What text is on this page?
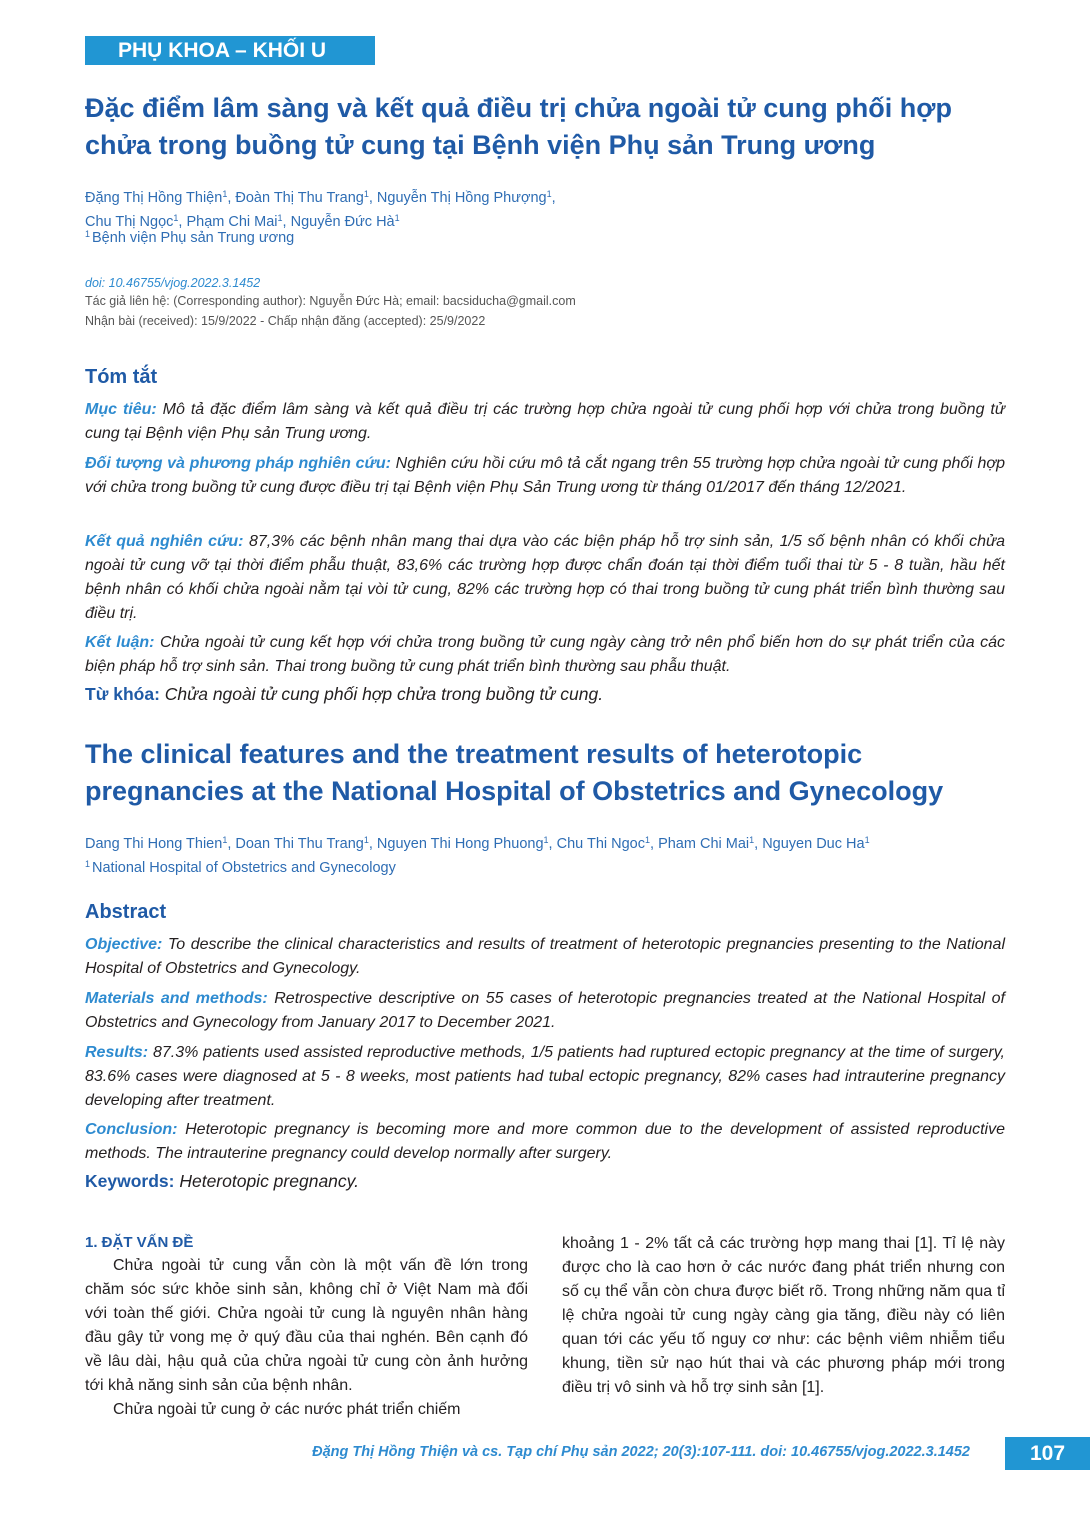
PHỤ KHOA – KHỐI U
Đặc điểm lâm sàng và kết quả điều trị chửa ngoài tử cung phối hợp chửa trong buồng tử cung tại Bệnh viện Phụ sản Trung ương
Đặng Thị Hồng Thiện$^1$, Đoàn Thị Thu Trang$^1$, Nguyễn Thị Hồng Phượng$^1$,
Chu Thị Ngọc$^1$, Phạm Chi Mai$^1$, Nguyễn Đức $Hà^1$
$^1$ Bệnh viện Phụ sản Trung ương
doi: 10.46755/vjog.2022.3.1452
Tác giả liên hệ: (Corresponding author): Nguyễn Đức Hà; email: bacsiducha@gmail.com
Nhận bài (received): 15/9/2022 - Chấp nhận đăng (accepted): 25/9/2022
Tóm tắt

Mục tiêu: Mô tả đặc điểm lâm sàng và kết quả điều trị các trường hợp chửa ngoài tử cung phối hợp với chửa trong buồng tử cung tại Bệnh viện Phụ sản Trung ương.

Đối tượng và phương pháp nghiên cứu: Nghiên cứu hồi cứu mô tả cắt ngang trên 55 trường hợp chửa ngoài tử cung phối hợp với chửa trong buồng tử cung được điều trị tại Bệnh viện Phụ Sản Trung ương từ tháng 01/2017 đến tháng 12/2021.

Kết quả nghiên cứu: 87,3% các bệnh nhân mang thai dựa vào các biện pháp hỗ trợ sinh sản, 1/5 số bệnh nhân có khối chửa ngoài tử cung vỡ tại thời điểm phẫu thuật, 83,6% các trường hợp được chẩn đoán tại thời điểm tuổi thai từ 5 - 8 tuần, hầu hết bệnh nhân có khối chửa ngoài nằm tại vòi tử cung, 82% các trường hợp có thai trong buồng tử cung phát triển bình thường sau điều trị.

Kết luận: Chửa ngoài tử cung kết hợp với chửa trong buồng tử cung ngày càng trở nên phổ biến hơn do sự phát triển của các biện pháp hỗ trợ sinh sản. Thai trong buồng tử cung phát triển bình thường sau phẫu thuật.

Từ khóa: Chửa ngoài tử cung phối hợp chửa trong buồng tử cung.
The clinical features and the treatment results of heterotopic pregnancies at the National Hospital of Obstetrics and Gynecology
Dang Thi Hong Thien$^1$, Doan Thi Thu Trang$^1$, Nguyen Thi Hong Phuong$^1$, Chu Thi Ngoc$^1$, Pham Chi Mai$^1$, Nguyen Duc Ha$^1$
$^1$ National Hospital of Obstetrics and Gynecology
Abstract

Objective: To describe the clinical characteristics and results of treatment of heterotopic pregnancies presenting to the National Hospital of Obstetrics and Gynecology.

Materials and methods: Retrospective descriptive on 55 cases of heterotopic pregnancies treated at the National Hospital of Obstetrics and Gynecology from January 2017 to December 2021.

Results: 87.3% patients used assisted reproductive methods, 1/5 patients had ruptured ectopic pregnancy at the time of surgery, 83.6% cases were diagnosed at 5 - 8 weeks, most patients had tubal ectopic pregnancy, 82% cases had intrauterine pregnancy developing after treatment.

Conclusion: Heterotopic pregnancy is becoming more and more common due to the development of assisted reproductive methods. The intrauterine pregnancy could develop normally after surgery.

Keywords: Heterotopic pregnancy.
1. ĐẶT VẤN ĐỀ

Chửa ngoài tử cung vẫn còn là một vấn đề lớn trong chăm sóc sức khỏe sinh sản, không chỉ ở Việt Nam mà đối với toàn thế giới. Chửa ngoài tử cung là nguyên nhân hàng đầu gây tử vong mẹ ở quý đầu của thai nghén. Bên cạnh đó về lâu dài, hậu quả của chửa ngoài tử cung còn ảnh hưởng tới khả năng sinh sản của bệnh nhân.

Chửa ngoài tử cung ở các nước phát triển chiếm

khoảng 1 - 2% tất cả các trường hợp mang thai [1]. Tỉ lệ này được cho là cao hơn ở các nước đang phát triển nhưng con số cụ thể vẫn còn chưa được biết rõ. Trong những năm qua tỉ lệ chửa ngoài tử cung ngày càng gia tăng, điều này có liên quan tới các yếu tố nguy cơ như: các bệnh viêm nhiễm tiểu khung, tiền sử nạo hút thai và các phương pháp mới trong điều trị vô sinh và hỗ trợ sinh sản [1].

Đặng Thị Hồng Thiện và cs. Tạp chí Phụ sản 2022; 20(3):107-111. doi: 10.46755/vjog.2022.3.1452	107
